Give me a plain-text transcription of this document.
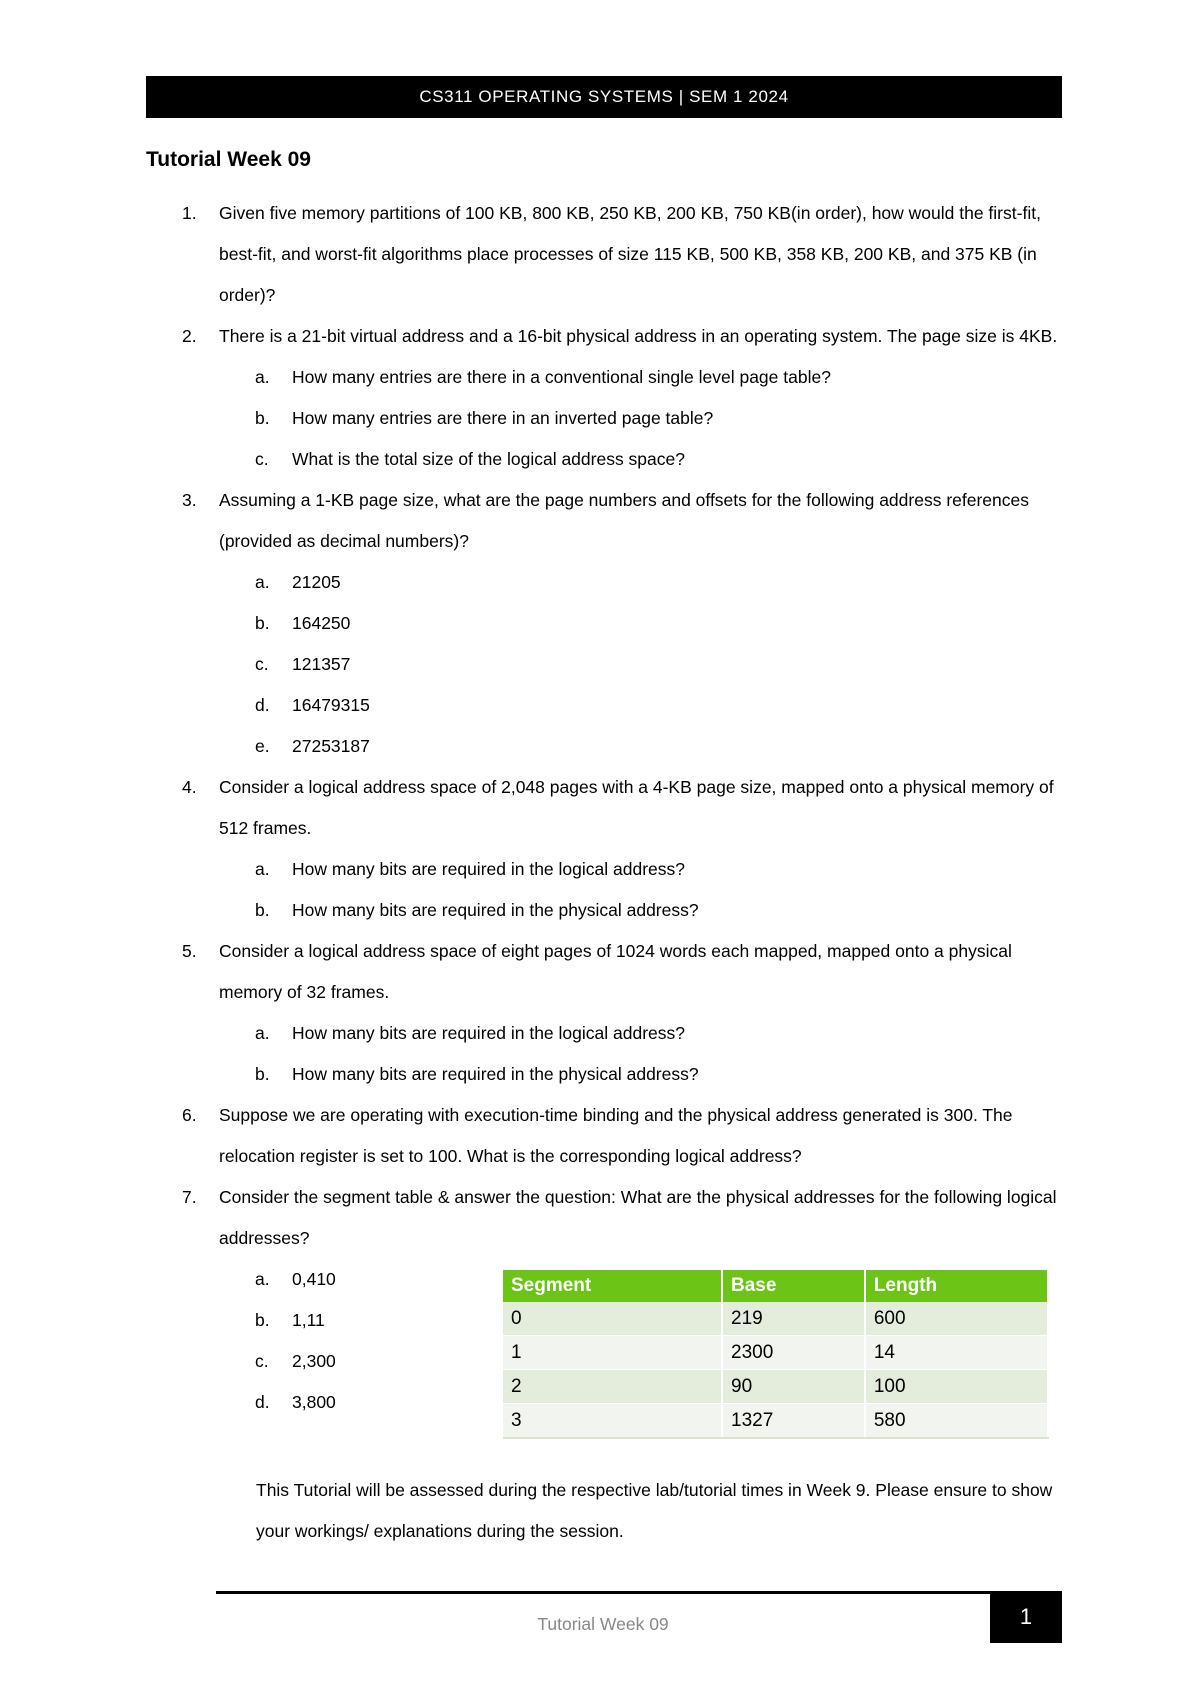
CS311 OPERATING SYSTEMS | SEM 1 2024
Tutorial Week 09
1. Given five memory partitions of 100 KB, 800 KB, 250 KB, 200 KB, 750 KB(in order), how would the first-fit, best-fit, and worst-fit algorithms place processes of size 115 KB, 500 KB, 358 KB, 200 KB, and 375 KB (in order)?
2. There is a 21-bit virtual address and a 16-bit physical address in an operating system. The page size is 4KB.
a. How many entries are there in a conventional single level page table?
b. How many entries are there in an inverted page table?
c. What is the total size of the logical address space?
3. Assuming a 1-KB page size, what are the page numbers and offsets for the following address references (provided as decimal numbers)?
a. 21205
b. 164250
c. 121357
d. 16479315
e. 27253187
4. Consider a logical address space of 2,048 pages with a 4-KB page size, mapped onto a physical memory of 512 frames.
a. How many bits are required in the logical address?
b. How many bits are required in the physical address?
5. Consider a logical address space of eight pages of 1024 words each mapped, mapped onto a physical memory of 32 frames.
a. How many bits are required in the logical address?
b. How many bits are required in the physical address?
6. Suppose we are operating with execution-time binding and the physical address generated is 300. The relocation register is set to 100. What is the corresponding logical address?
7. Consider the segment table & answer the question: What are the physical addresses for the following logical addresses?
a. 0,410
b. 1,11
c. 2,300
d. 3,800
Segment	Base	Length
0	219	600
1	2300	14
2	90	100
3	1327	580
This Tutorial will be assessed during the respective lab/tutorial times in Week 9. Please ensure to show your workings/ explanations during the session.
Tutorial Week 09	1
